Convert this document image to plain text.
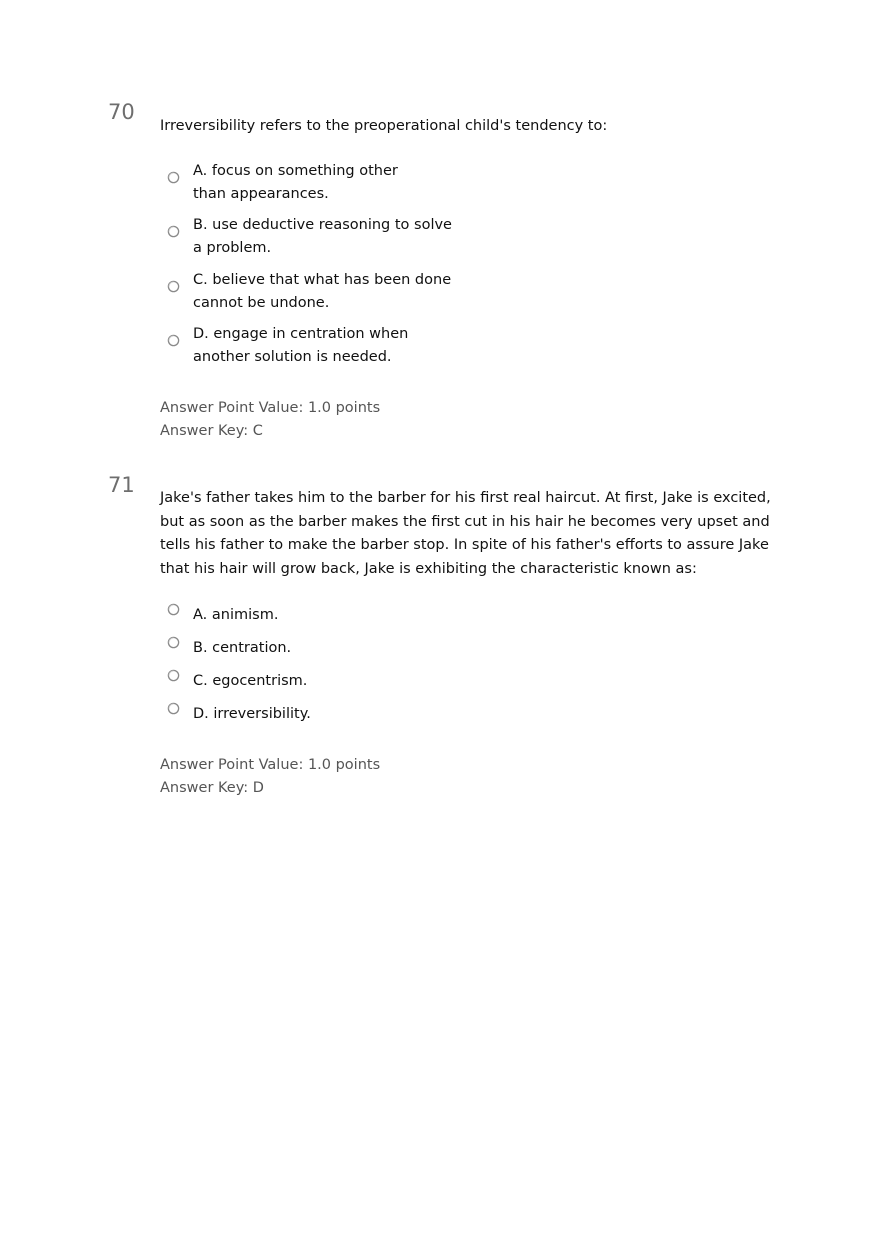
70
Irreversibility refers to the preoperational child's tendency to:
A. focus on something other than appearances.
B. use deductive reasoning to solve a problem.
C. believe that what has been done cannot be undone.
D. engage in centration when another solution is needed.
Answer Point Value: 1.0 points
Answer Key: C
71
Jake's father takes him to the barber for his first real haircut. At first, Jake is excited, but as soon as the barber makes the first cut in his hair he becomes very upset and tells his father to make the barber stop. In spite of his father's efforts to assure Jake that his hair will grow back, Jake is exhibiting the characteristic known as:
A. animism.
B. centration.
C. egocentrism.
D. irreversibility.
Answer Point Value: 1.0 points
Answer Key: D
